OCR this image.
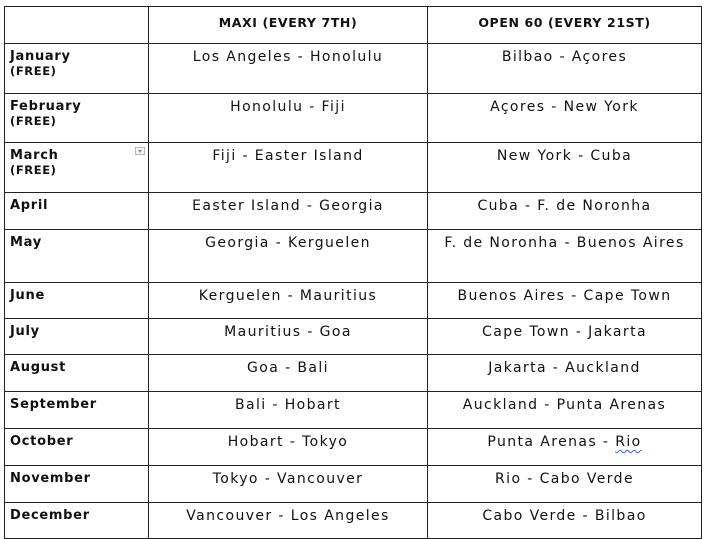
	MAXI (EVERY 7TH)	OPEN 60 (EVERY 21ST)
January
(FREE)	Los Angeles - Honolulu	Bilbao - Açores
February
(FREE)	Honolulu - Fiji	Açores - New York
March
(FREE)	Fiji - Easter Island	New York - Cuba
April	Easter Island - Georgia	Cuba - F. de Noronha
May	Georgia - Kerguelen	F. de Noronha - Buenos Aires
June	Kerguelen - Mauritius	Buenos Aires - Cape Town
July	Mauritius - Goa	Cape Town - Jakarta
August	Goa - Bali	Jakarta - Auckland
September	Bali - Hobart	Auckland - Punta Arenas
October	Hobart - Tokyo	Punta Arenas - Rio
November	Tokyo - Vancouver	Rio - Cabo Verde
December	Vancouver - Los Angeles	Cabo Verde - Bilbao
